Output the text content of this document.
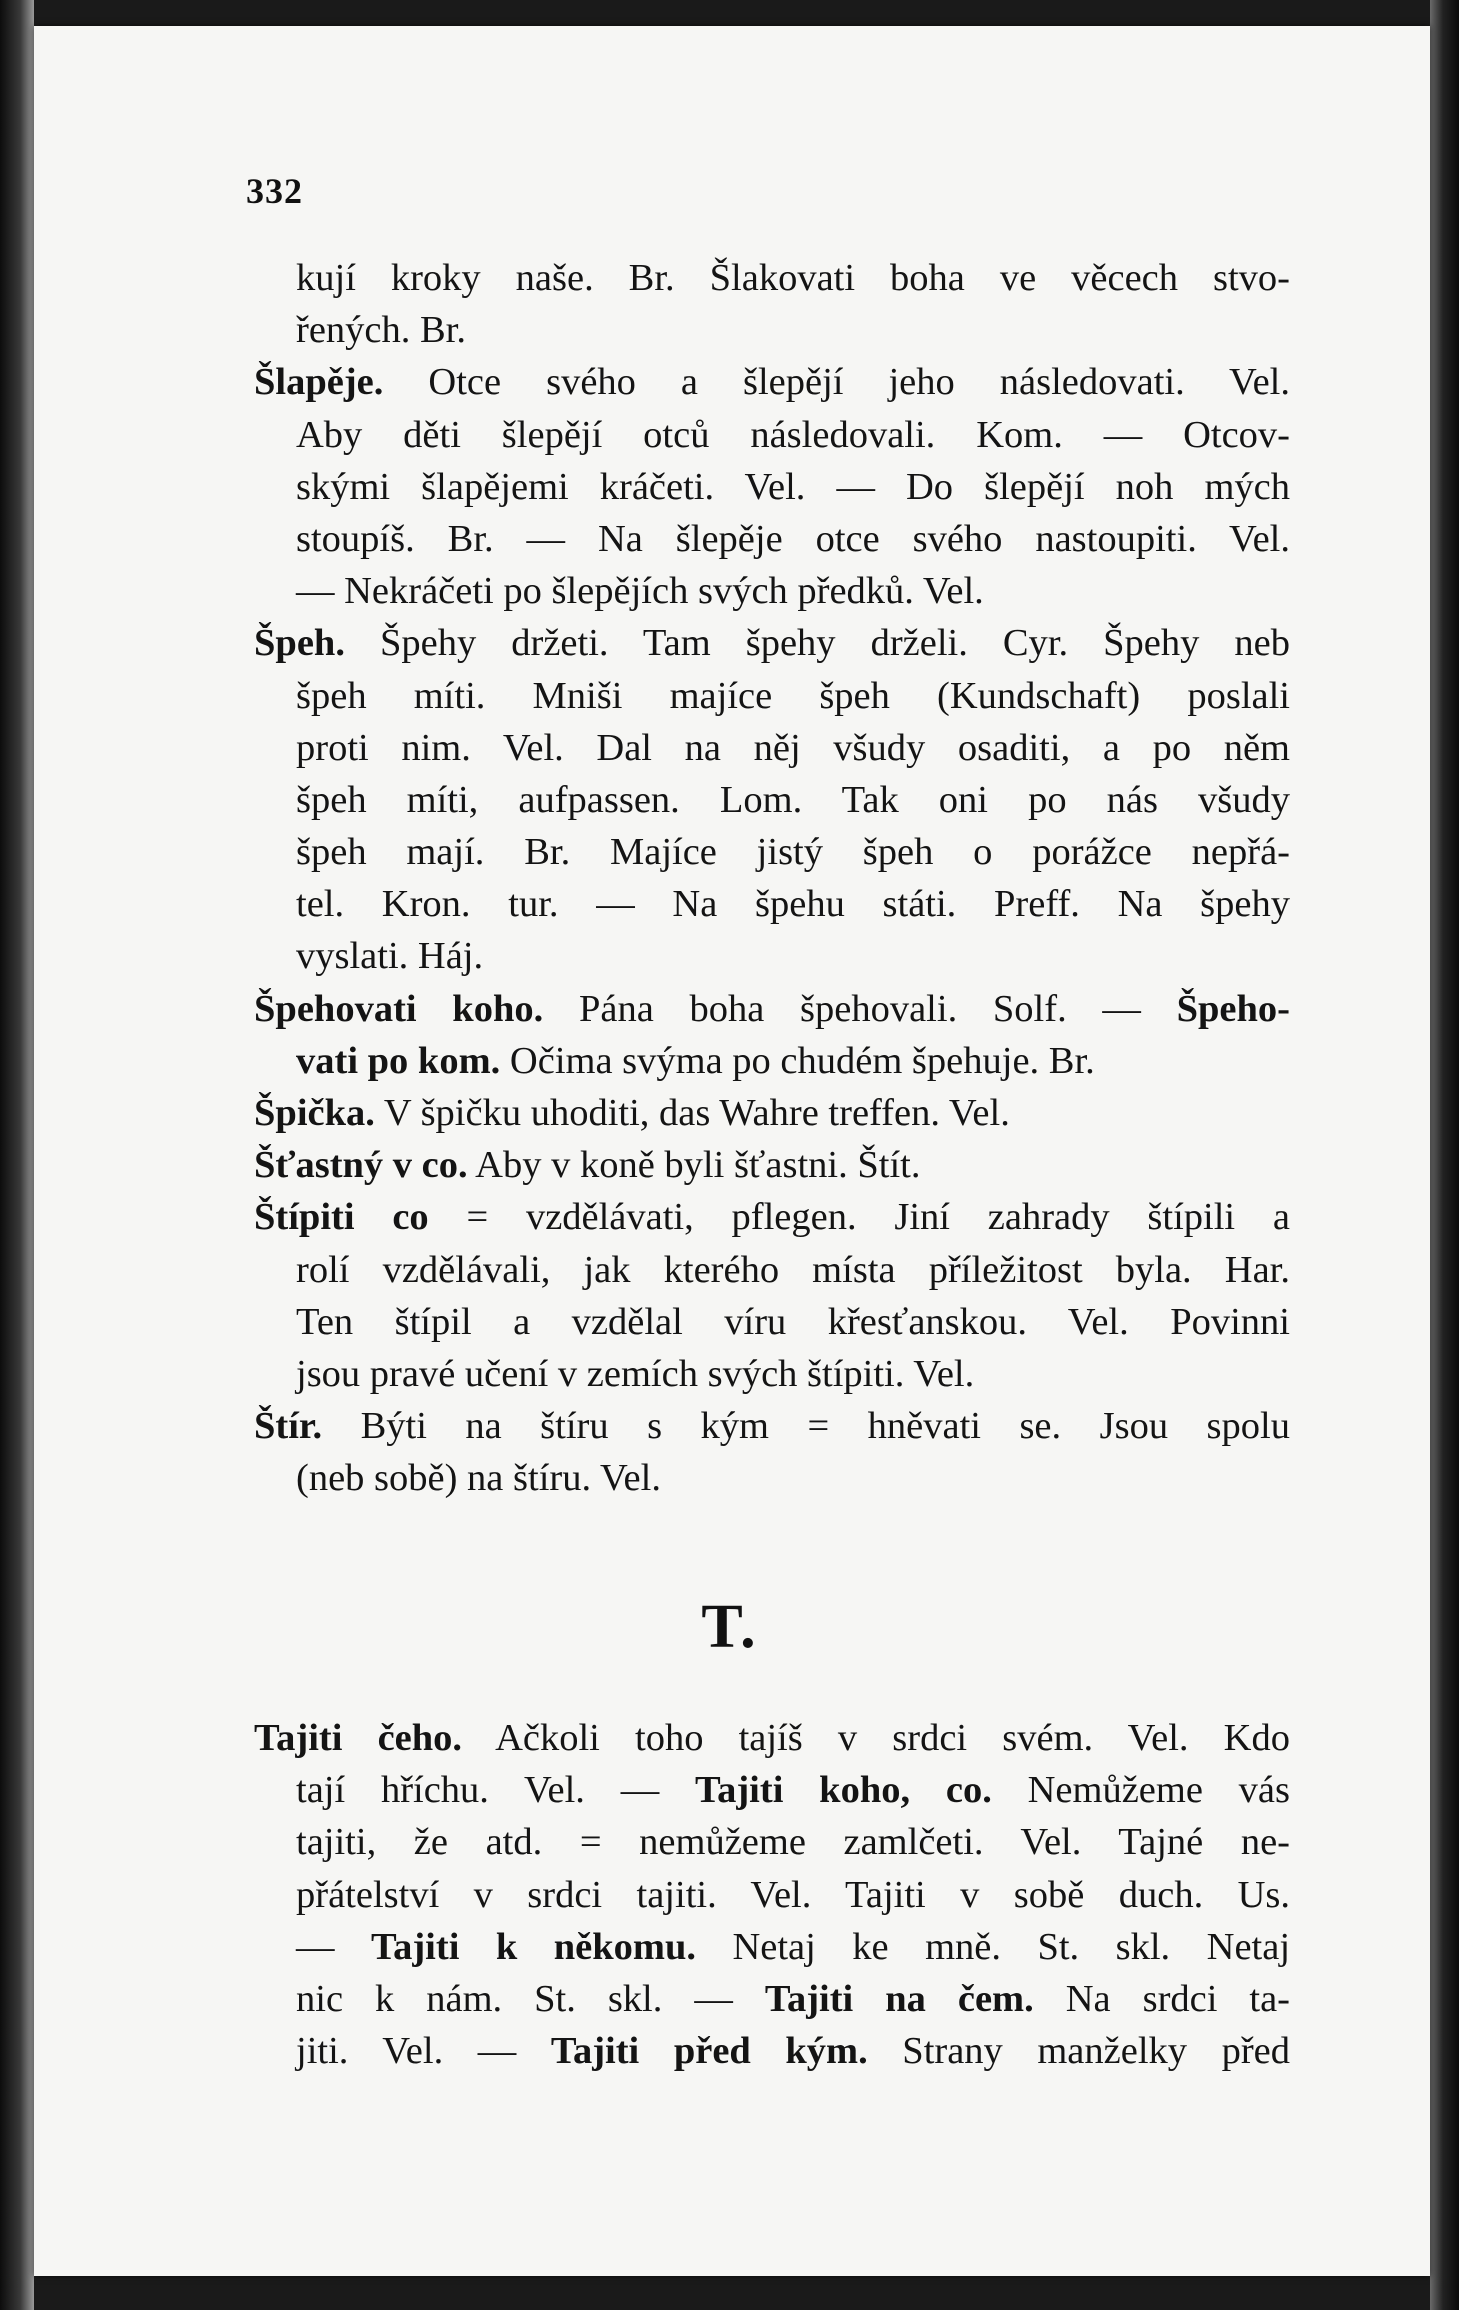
332
kují kroky naše. Br. Šlakovati boha ve věcech stvo-
řených. Br.
Šlapěje. Otce svého a šlepějí jeho následovati. Vel.
Aby děti šlepějí otců následovali. Kom. — Otcov-
skými šlapějemi kráčeti. Vel. — Do šlepějí noh mých
stoupíš. Br. — Na šlepěje otce svého nastoupiti. Vel.
— Nekráčeti po šlepějích svých předků. Vel.
Špeh. Špehy držeti. Tam špehy drželi. Cyr. Špehy neb
špeh míti. Mniši majíce špeh (Kundschaft) poslali
proti nim. Vel. Dal na něj všudy osaditi, a po něm
špeh míti, aufpassen. Lom. Tak oni po nás všudy
špeh mají. Br. Majíce jistý špeh o porážce nepřá-
tel. Kron. tur. — Na špehu státi. Preff. Na špehy
vyslati. Háj.
Špehovati koho. Pána boha špehovali. Solf. — Špeho-
vati po kom. Očima svýma po chudém špehuje. Br.
Špička. V špičku uhoditi, das Wahre treffen. Vel.
Šťastný v co. Aby v koně byli šťastni. Štít.
Štípiti co = vzdělávati, pflegen. Jiní zahrady štípili a
rolí vzdělávali, jak kterého místa příležitost byla. Har.
Ten štípil a vzdělal víru křesťanskou. Vel. Povinni
jsou pravé učení v zemích svých štípiti. Vel.
Štír. Býti na štíru s kým = hněvati se. Jsou spolu
(neb sobě) na štíru. Vel.
T.
Tajiti čeho. Ačkoli toho tajíš v srdci svém. Vel. Kdo
tají hříchu. Vel. — Tajiti koho, co. Nemůžeme vás
tajiti, že atd. = nemůžeme zamlčeti. Vel. Tajné ne-
přátelství v srdci tajiti. Vel. Tajiti v sobě duch. Us.
— Tajiti k někomu. Netaj ke mně. St. skl. Netaj
nic k nám. St. skl. — Tajiti na čem. Na srdci ta-
jiti. Vel. — Tajiti před kým. Strany manželky před
